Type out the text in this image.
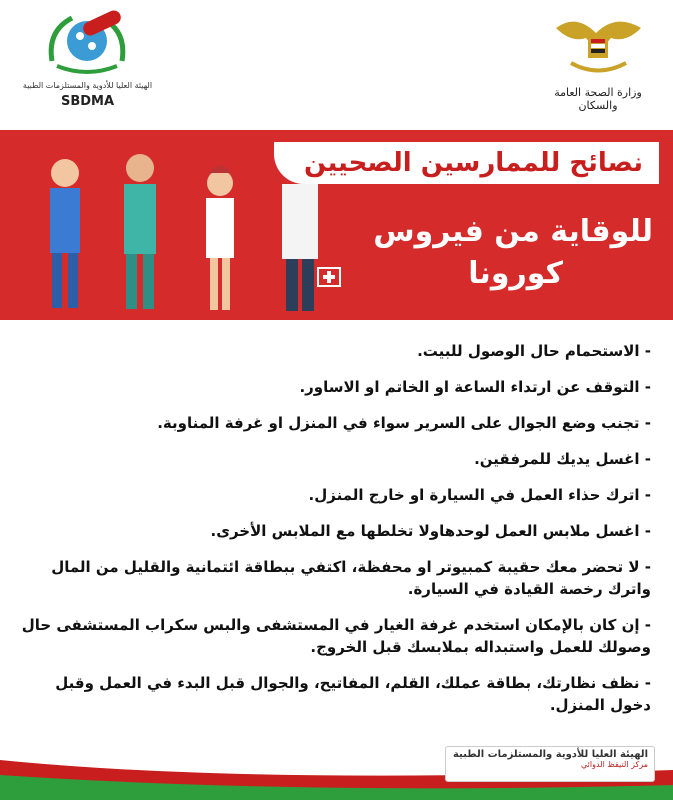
الهيئة العليا للأدوية والمستلزمات الطبية
SBDMA
وزارة الصحة العامة والسكان
نصائح للممارسين الصحيين
للوقاية من فيروس
كورونا
- الاستحمام حال الوصول للبيت.
- التوقف عن ارتداء الساعة او الخاتم او الاساور.
- تجنب وضع الجوال على السرير سواء في المنزل او غرفة المناوبة.
- اغسل يديك للمرفقين.
- اترك حذاء العمل في السيارة او خارج المنزل.
- اغسل ملابس العمل لوحدهاولا تخلطها مع الملابس الأخرى.
- لا تحضر معك حقيبة كمبيوتر او محفظة، اكتفي ببطاقة ائتمانية والقليل من المال واترك رخصة القيادة في السيارة.
- إن كان بالإمكان استخدم غرفة الغيار في المستشفى والبس سكراب المستشفى حال وصولك للعمل واستبداله بملابسك قبل الخروج.
- نظف نظارتك، بطاقة عملك، القلم، المفاتيح، والجوال قبل البدء في العمل وقبل دخول المنزل.
الهيئة العليا للأدوية والمستلزمات الطبية
مركز التيقظ الدوائي
